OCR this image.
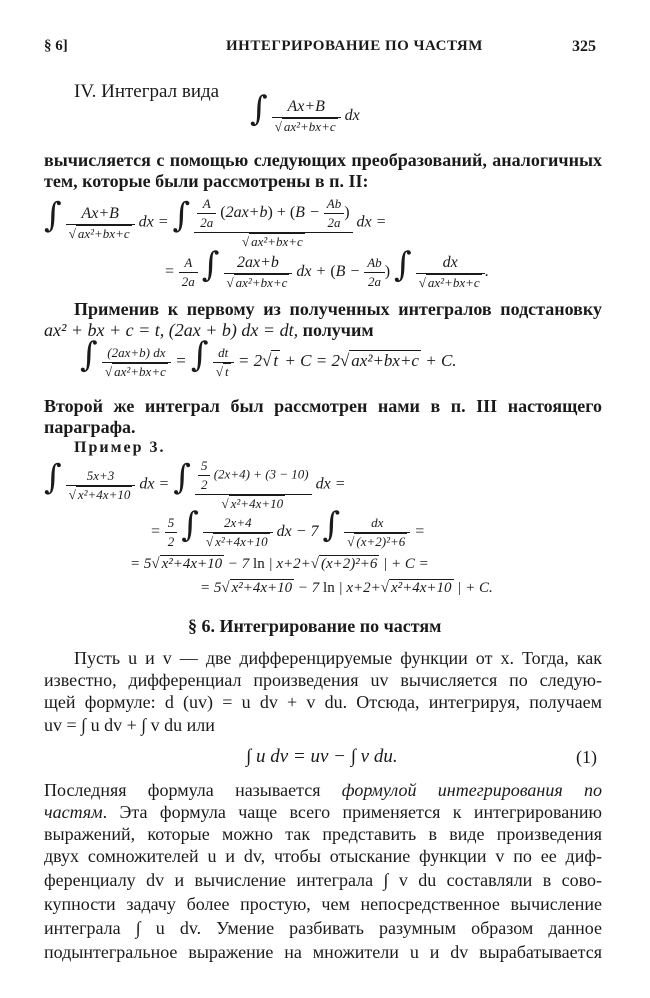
§ 6]	ИНТЕГРИРОВАНИЕ ПО ЧАСТЯМ	325
IV. Интеграл вида ∫ $\frac{Ax+B}{\text{√ ax²+bx+c}}$ dx
вычисляется с помощью следующих преобразований, аналогичных
тем, которые были рассмотрены в п. II:
∫ $\frac{Ax+B}{\text{√ ax²+bx+c}}$ dx = ∫ $\frac{\frac{A}{2a} (2ax+b) + (B - \frac{Ab}{2a} )}{\text{√ ax²+bx+c}}$ dx =
= $\frac{A}{2a}$ ∫ $\frac{2ax+b}{\text{√ ax²+bx+c}}$ dx + ($B - \frac{Ab}{2a}$ ) ∫ $\frac{dx}{\text{√ ax²+bx+c}}$ .
Применив к первому из полученных интегралов подстановку
ax² + bx + c = t, (2ax + b) dx = dt, получим
∫ $\frac{(2ax+b) dx}{\text{√ ax²+bx+c}}$ = ∫ $\frac{dt}{√ t} = 2√$ t + C = 2√ ax²+bx+c + C.
Второй же интеграл был рассмотрен нами в п. III настоящего
параграфа.
Пример 3.
∫ $\frac{5x+3}{\text{√ x²+4x+10}}$ dx = ∫ $\frac{\frac{5}{2} (2x+4) + (3 - 10)}{\text{√ x²+4x+10}}$ dx =
= $\frac{5}{2}$ ∫ $\frac{2x+4}{\text{√ x²+4x+10}}$ dx − 7 ∫ $\frac{dx}{\text{√ (x+2)²+6}}$ =
= 5√ x²+4x+10 − 7 ln | x+2+√ (x+2)²+6 | + C =
= 5√ x²+4x+10 − 7 ln | x+2+√ x²+4x+10 | + C.
§ 6. Интегрирование по частям
Пусть u и v — две дифференцируемые функции от x. Тогда, как
известно, дифференциал произведения uv вычисляется по следую-
щей формуле: d (uv) = u dv + v du. Отсюда, интегрируя, получаем
uv = ∫ u dv + ∫ v du или
∫ u dv = uv − ∫ v du.	(1)
Последняя формула называется формулой интегрирования по
частям. Эта формула чаще всего применяется к интегрированию
выражений, которые можно так представить в виде произведения
двух сомножителей u и dv, чтобы отыскание функции v по ее диф-
ференциалу dv и вычисление интеграла ∫ v du составляли в сово-
купности задачу более простую, чем непосредственное вычисление
интеграла ∫ u dv. Умение разбивать разумным образом данное
подынтегральное выражение на множители u и dv вырабатывается
